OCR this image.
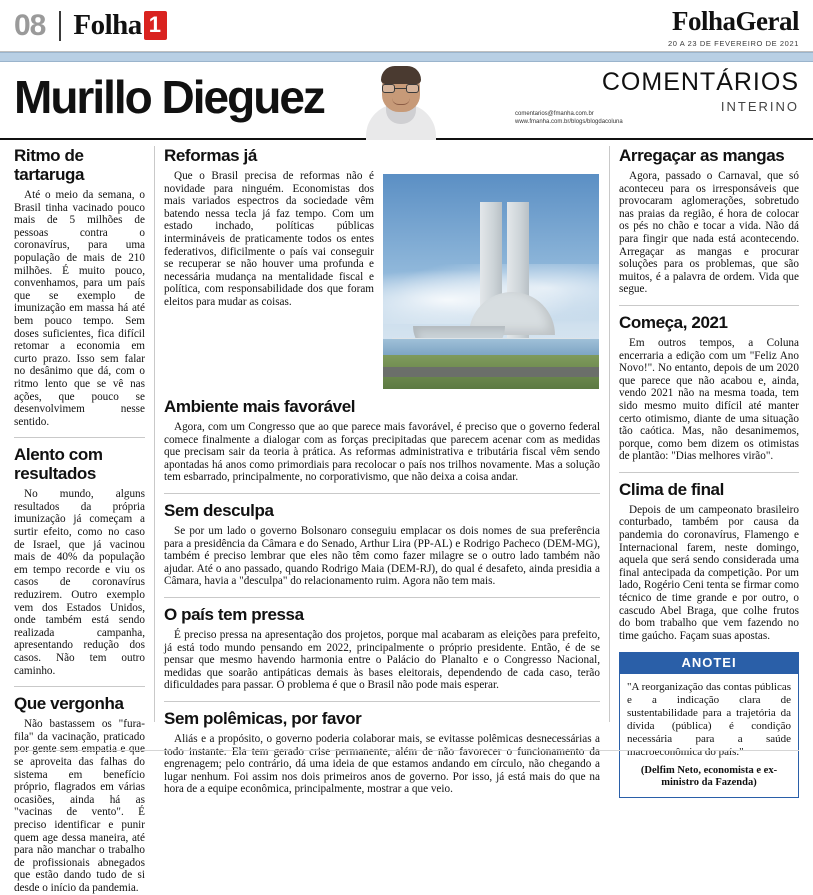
08 Folha 1	FolhaGeral
20 A 23 DE FEVEREIRO DE 2021
Murillo Dieguez	COMENTÁRIOS
INTERINO
comentarios@fmanha.com.br
www.fmanha.com.br/blogs/blogdacoluna
Ritmo de tartaruga

Até o meio da semana, o Brasil tinha vacinado pouco mais de 5 milhões de pessoas contra o coronavírus, para uma população de mais de 210 milhões. É muito pouco, convenhamos, para um país que se exemplo de imunização em massa há até bem pouco tempo. Sem doses suficientes, fica difícil retomar a economia em curto prazo. Isso sem falar no desânimo que dá, com o ritmo lento que se vê nas ações, que pouco se desenvolvimem nesse sentido.

Alento com resultados

No mundo, alguns resultados da própria imunização já começam a surtir efeito, como no caso de Israel, que já vacinou mais de 40% da população em tempo recorde e viu os casos de coronavírus reduzirem. Outro exemplo vem dos Estados Unidos, onde também está sendo realizada campanha, apresentando redução dos casos. Não tem outro caminho.

Que vergonha

Não bastassem os "fura-fila" da vacinação, praticado por gente sem empatia e que se aproveita das falhas do sistema em benefício próprio, flagrados em várias ocasiões, ainda há as "vacinas de vento". É preciso identificar e punir quem age dessa maneira, até para não manchar o trabalho de profissionais abnegados que estão dando tudo de si desde o início da pandemia.

Reformas já

Que o Brasil precisa de reformas não é novidade para ninguém. Economistas dos mais variados espectros da sociedade vêm batendo nessa tecla já faz tempo. Com um estado inchado, políticas públicas intermináveis de praticamente todos os entes federativos, dificilmente o país vai conseguir se recuperar se não houver uma profunda e necessária mudança na mentalidade fiscal e política, com responsabilidade dos que foram eleitos para mudar as coisas.

Ambiente mais favorável

Agora, com um Congresso que ao que parece mais favorável, é preciso que o governo federal comece finalmente a dialogar com as forças precipitadas que parecem acenar com as medidas que precisam sair da teoria à prática. As reformas administrativa e tributária fiscal vêm sendo apontadas há anos como primordiais para recolocar o país nos trilhos novamente. Mas a solução tem esbarrado, principalmente, no corporativismo, que não deixa a coisa andar.

Sem desculpa

Se por um lado o governo Bolsonaro conseguiu emplacar os dois nomes de sua preferência para a presidência da Câmara e do Senado, Arthur Lira (PP-AL) e Rodrigo Pacheco (DEM-MG), também é preciso lembrar que eles não têm como fazer milagre se o outro lado também não ajudar. Até o ano passado, quando Rodrigo Maia (DEM-RJ), do qual é desafeto, ainda presidia a Câmara, havia a "desculpa" do relacionamento ruim. Agora não tem mais.

O país tem pressa

É preciso pressa na apresentação dos projetos, porque mal acabaram as eleições para prefeito, já está todo mundo pensando em 2022, principalmente o próprio presidente. Então, é de se pensar que mesmo havendo harmonia entre o Palácio do Planalto e o Congresso Nacional, medidas que soarão antipáticas demais às bases eleitorais, dependendo de cada caso, terão dificuldades para passar. O problema é que o Brasil não pode mais esperar.

Sem polêmicas, por favor

Aliás e a propósito, o governo poderia colaborar mais, se evitasse polêmicas desnecessárias a todo instante. Ela tem gerado crise permanente, além de não favorecer o funcionamento da engrenagem; pelo contrário, dá uma ideia de que estamos andando em círculo, não chegando a lugar nenhum. Foi assim nos dois primeiros anos de governo. Por isso, já está mais do que na hora de a equipe econômica, principalmente, mostrar a que veio.

Arregaçar as mangas

Agora, passado o Carnaval, que só aconteceu para os irresponsáveis que provocaram aglomerações, sobretudo nas praias da região, é hora de colocar os pés no chão e tocar a vida. Não dá para fingir que nada está acontecendo. Arregaçar as mangas e procurar soluções para os problemas, que são muitos, é a palavra de ordem. Vida que segue.

Começa, 2021

Em outros tempos, a Coluna encerraria a edição com um "Feliz Ano Novo!". No entanto, depois de um 2020 que parece que não acabou e, ainda, vendo 2021 não na mesma toada, tem sido mesmo muito difícil até manter certo otimismo, diante de uma situação tão caótica. Mas, não desanimemos, porque, como bem dizem os otimistas de plantão: "Dias melhores virão".

Clima de final

Depois de um campeonato brasileiro conturbado, também por causa da pandemia do coronavírus, Flamengo e Internacional farem, neste domingo, aquela que será sendo considerada uma final antecipada da competição. Por um lado, Rogério Ceni tenta se firmar como técnico de time grande e por outro, o cascudo Abel Braga, que colhe frutos do bom trabalho que vem fazendo no time gaúcho. Façam suas apostas.

ANOTEI

"A reorganização das contas públicas e a indicação clara de sustentabilidade para a trajetória da dívida (pública) é condição necessária para a saúde macroeconômica do país."

(Delfim Neto, economista e ex-ministro da Fazenda)
